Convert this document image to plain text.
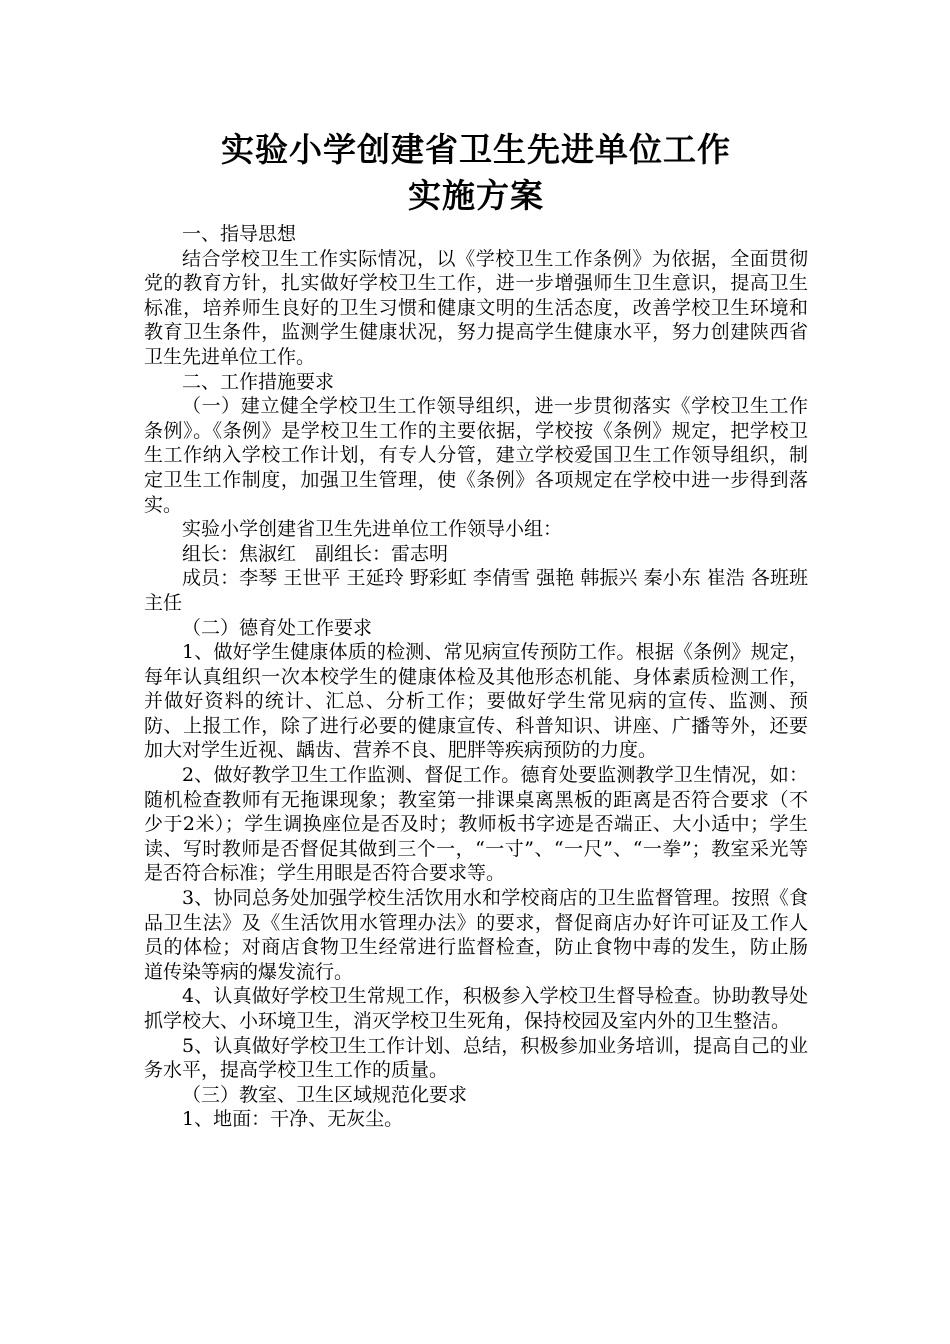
实验小学创建省卫生先进单位工作
实施方案

一、指导思想

结合学校卫生工作实际情况，以《学校卫生工作条例》为依据，全面贯彻党的教育方针，扎实做好学校卫生工作，进一步增强师生卫生意识，提高卫生标准，培养师生良好的卫生习惯和健康文明的生活态度，改善学校卫生环境和教育卫生条件，监测学生健康状况，努力提高学生健康水平，努力创建陕西省卫生先进单位工作。

二、工作措施要求

（一）建立健全学校卫生工作领导组织，进一步贯彻落实《学校卫生工作条例》。《条例》是学校卫生工作的主要依据，学校按《条例》规定，把学校卫生工作纳入学校工作计划，有专人分管，建立学校爱国卫生工作领导组织，制定卫生工作制度，加强卫生管理，使《条例》各项规定在学校中进一步得到落实。

实验小学创建省卫生先进单位工作领导小组：

组长：焦淑红　副组长：雷志明

成员：李琴 王世平 王延玲 野彩虹 李倩雪 强艳 韩振兴 秦小东 崔浩 各班班主任

（二）德育处工作要求

1、做好学生健康体质的检测、常见病宣传预防工作。根据《条例》规定，每年认真组织一次本校学生的健康体检及其他形态机能、身体素质检测工作，并做好资料的统计、汇总、分析工作；要做好学生常见病的宣传、监测、预防、上报工作，除了进行必要的健康宣传、科普知识、讲座、广播等外，还要加大对学生近视、龋齿、营养不良、肥胖等疾病预防的力度。

2、做好教学卫生工作监测、督促工作。德育处要监测教学卫生情况，如：随机检查教师有无拖课现象；教室第一排课桌离黑板的距离是否符合要求（不少于2米）；学生调换座位是否及时；教师板书字迹是否端正、大小适中；学生读、写时教师是否督促其做到三个一，“一寸”、“一尺”、“一拳”；教室采光等是否符合标准；学生用眼是否符合要求等。

3、协同总务处加强学校生活饮用水和学校商店的卫生监督管理。按照《食品卫生法》及《生活饮用水管理办法》的要求，督促商店办好许可证及工作人员的体检；对商店食物卫生经常进行监督检查，防止食物中毒的发生，防止肠道传染等病的爆发流行。

4、认真做好学校卫生常规工作，积极参入学校卫生督导检查。协助教导处抓学校大、小环境卫生，消灭学校卫生死角，保持校园及室内外的卫生整洁。

5、认真做好学校卫生工作计划、总结，积极参加业务培训，提高自己的业务水平，提高学校卫生工作的质量。

（三）教室、卫生区域规范化要求

1、地面：干净、无灰尘。
